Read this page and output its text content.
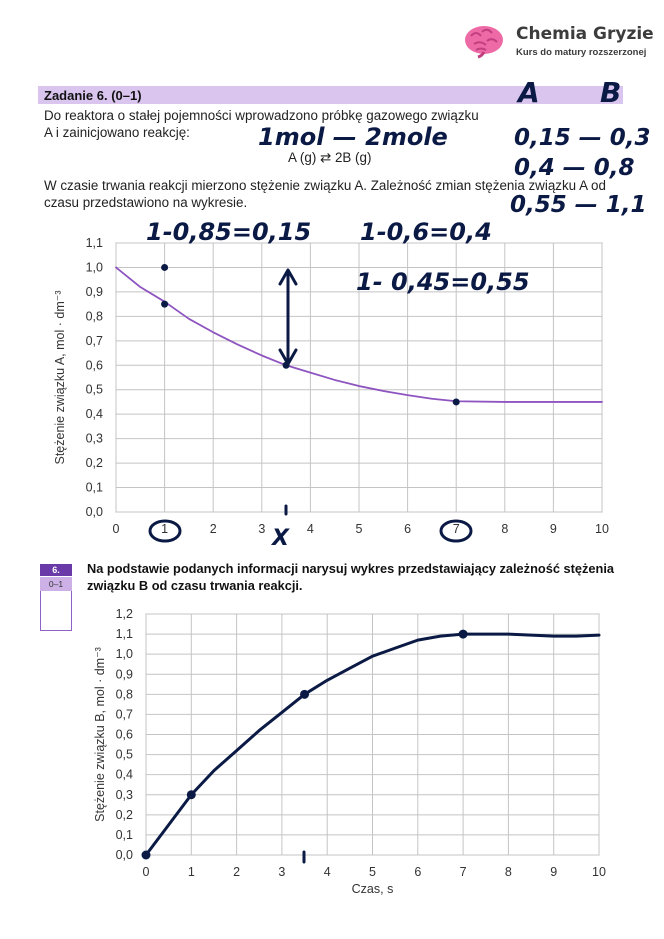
Chemia Gryzie
Kurs do matury rozszerzonej
Zadanie 6. (0–1)
Do reaktora o stałej pojemności wprowadzono próbkę gazowego związku A i zainicjowano reakcję:
A (g) ⇄ 2B (g)
W czasie trwania reakcji mierzono stężenie związku A. Zależność zmian stężenia związku A od czasu przedstawiono na wykresie.
6.
0–1
Na podstawie podanych informacji narysuj wykres przedstawiający zależność stężenia związku B od czasu trwania reakcji.
0	1	2	3	4	5	6	7	8	9	10
0,0
0,1
0,2
0,3
0,4
0,5
0,6
0,7
0,8
0,9
1,0
1,1
Stężenie związku A, mol · dm⁻³
0	1	2	3	4	5	6	7	8	9	10
0,0
0,1
0,2
0,3
0,4
0,5
0,6
0,7
0,8
0,9
1,0
1,1
1,2
Stężenie związku B, mol · dm⁻³
Czas, s
A B
1mol — 2mole	0,15 — 0,3
0,4 — 0,8
0,55 — 1,1
1-0,85=0,15 1-0,6=0,4
1- 0,45=0,55
X
